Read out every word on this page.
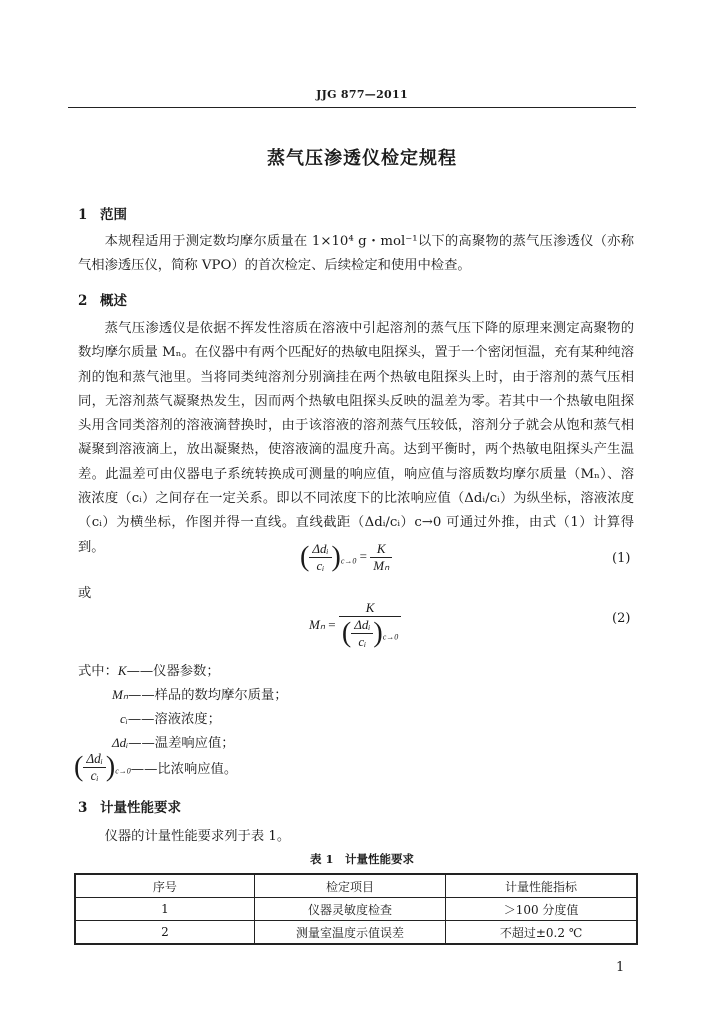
JJG 877—2011
蒸气压渗透仪检定规程
1 范围
本规程适用于测定数均摩尔质量在 1×10⁴ g・mol⁻¹以下的高聚物的蒸气压渗透仪（亦称气相渗透压仪，简称 VPO）的首次检定、后续检定和使用中检查。
2 概述
蒸气压渗透仪是依据不挥发性溶质在溶液中引起溶剂的蒸气压下降的原理来测定高聚物的数均摩尔质量 Mₙ。在仪器中有两个匹配好的热敏电阻探头，置于一个密闭恒温，充有某种纯溶剂的饱和蒸气池里。当将同类纯溶剂分别滴挂在两个热敏电阻探头上时，由于溶剂的蒸气压相同，无溶剂蒸气凝聚热发生，因而两个热敏电阻探头反映的温差为零。若其中一个热敏电阻探头用含同类溶剂的溶液滴替换时，由于该溶液的溶剂蒸气压较低，溶剂分子就会从饱和蒸气相凝聚到溶液滴上，放出凝聚热，使溶液滴的温度升高。达到平衡时，两个热敏电阻探头产生温差。此温差可由仪器电子系统转换成可测量的响应值，响应值与溶质数均摩尔质量（Mₙ）、溶液浓度（cᵢ）之间存在一定关系。即以不同浓度下的比浓响应值（Δdᵢ/cᵢ）为纵坐标，溶液浓度（cᵢ）为横坐标，作图并得一直线。直线截距（Δdᵢ/cᵢ）c→0 可通过外推，由式（1）计算得到。	( $\frac{\text{Δdᵢ}}{\text{cᵢ}} )_{c\to 0} = \frac{K}{\text{Mₙ}}$	(1)
或
$M_n = \frac{K}{( \frac{\text{Δdᵢ}}{\text{cᵢ}} )_{c\to 0}}$	(2)
式中：K——仪器参数；
Mₙ——样品的数均摩尔质量；
cᵢ——溶液浓度；
Δdᵢ——温差响应值；
( $\frac{\text{Δdᵢ}}{\text{cᵢ}}$ )$_{c\to 0}——$比浓响应值。
3 计量性能要求
仪器的计量性能要求列于表 1。
表 1　计量性能要求
序号	检定项目	计量性能指标
1	仪器灵敏度检查	＞100 分度值
2	测量室温度示值误差	不超过±0.2 ℃
1
